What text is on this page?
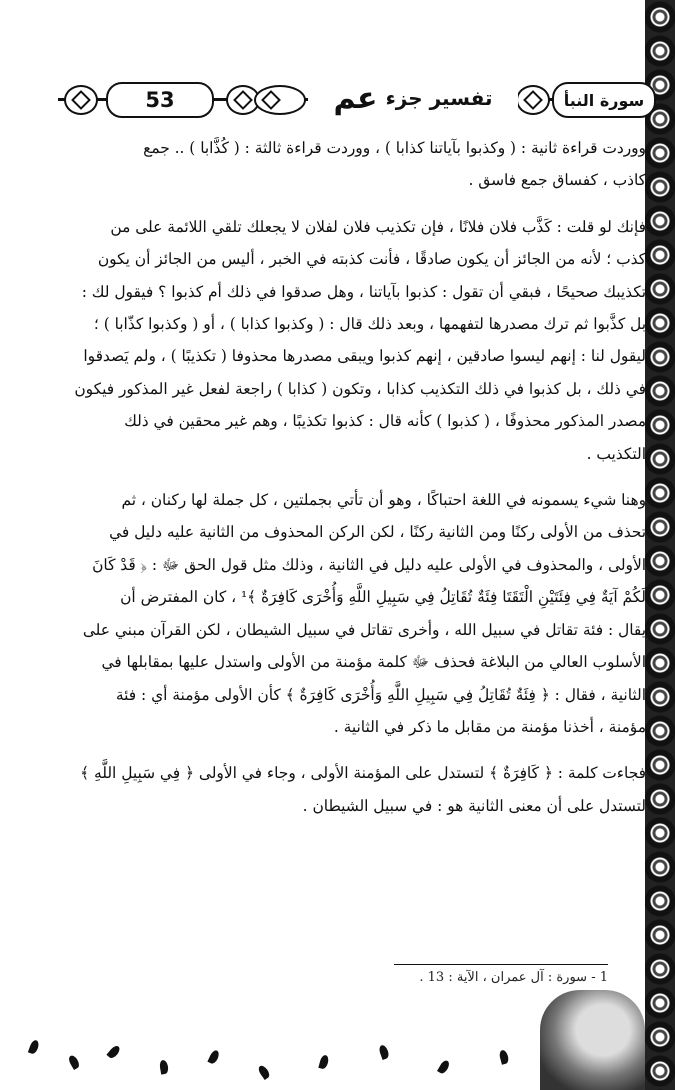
53	تفسير جزء
عم	سورة النبأ
ووردت قراءة ثانية : ( وكذبوا بآياتنا كذابا ) ، ووردت قراءة ثالثة : ( كُذَّابا ) .. جمع
كاذب ، كفساق جمع فاسق .
فإنك لو قلت : كَذَّب فلان فلانًا ، فإن تكذيب فلان لفلان لا يجعلك تلقي اللائمة على من
كذب ؛ لأنه من الجائز أن يكون صادقًا ، فأنت كذبته في الخبر ، أليس من الجائز أن يكون
تكذيبك صحيحًا ، فبقي أن تقول : كذبوا بآياتنا ، وهل صدقوا في ذلك أم كذبوا ؟ فيقول لك :
بل كذَّبوا ثم ترك مصدرها لتفهمها ، وبعد ذلك قال : ( وكذبوا كذابا ) ، أو ( وكذبوا كذّابا ) ؛
ليقول لنا : إنهم ليسوا صادقين ، إنهم كذبوا ويبقى مصدرها محذوفا ( تكذيبًا ) ، ولم يَصدقوا
في ذلك ، بل كذبوا في ذلك التكذيب كذابا ، وتكون ( كذابا ) راجعة لفعل غير المذكور فيكون
مصدر المذكور محذوفًا ، ( كذبوا ) كأنه قال : كذبوا تكذيبًا ، وهم غير محقين في ذلك
التكذيب .
وهنا شيء يسمونه في اللغة احتباكًا ، وهو أن تأتي بجملتين ، كل جملة لها ركنان ، ثم
تحذف من الأولى ركنًا ومن الثانية ركنًا ، لكن الركن المحذوف من الثانية عليه دليل في
الأولى ، والمحذوف في الأولى عليه دليل في الثانية ، وذلك مثل قول الحق ﷻ : ﴿ قَدْ كَانَ
لَكُمْ آيَةٌ فِي فِئَتَيْنِ الْتَقَتَا فِئَةٌ تُقَاتِلُ فِي سَبِيلِ اللَّهِ وَأُخْرَى كَافِرَةٌ ﴾¹ ، كان المفترض أن
يقال : فئة تقاتل في سبيل الله ، وأخرى تقاتل في سبيل الشيطان ، لكن القرآن مبني على
الأسلوب العالي من البلاغة فحذف ﷻ كلمة مؤمنة من الأولى واستدل عليها بمقابلها في
الثانية ، فقال : ﴿ فِئَةٌ تُقَاتِلُ فِي سَبِيلِ اللَّهِ وَأُخْرَى كَافِرَةٌ ﴾ كأن الأولى مؤمنة أي : فئة
مؤمنة ، أخذنا مؤمنة من مقابل ما ذكر في الثانية .
فجاءت كلمة : ﴿ كَافِرَةٌ ﴾ لتستدل على المؤمنة الأولى ، وجاء في الأولى ﴿ فِي سَبِيلِ اللَّهِ ﴾
لتستدل على أن معنى الثانية هو : في سبيل الشيطان .
1 - سورة : آل عمران ، الآية : 13 .
